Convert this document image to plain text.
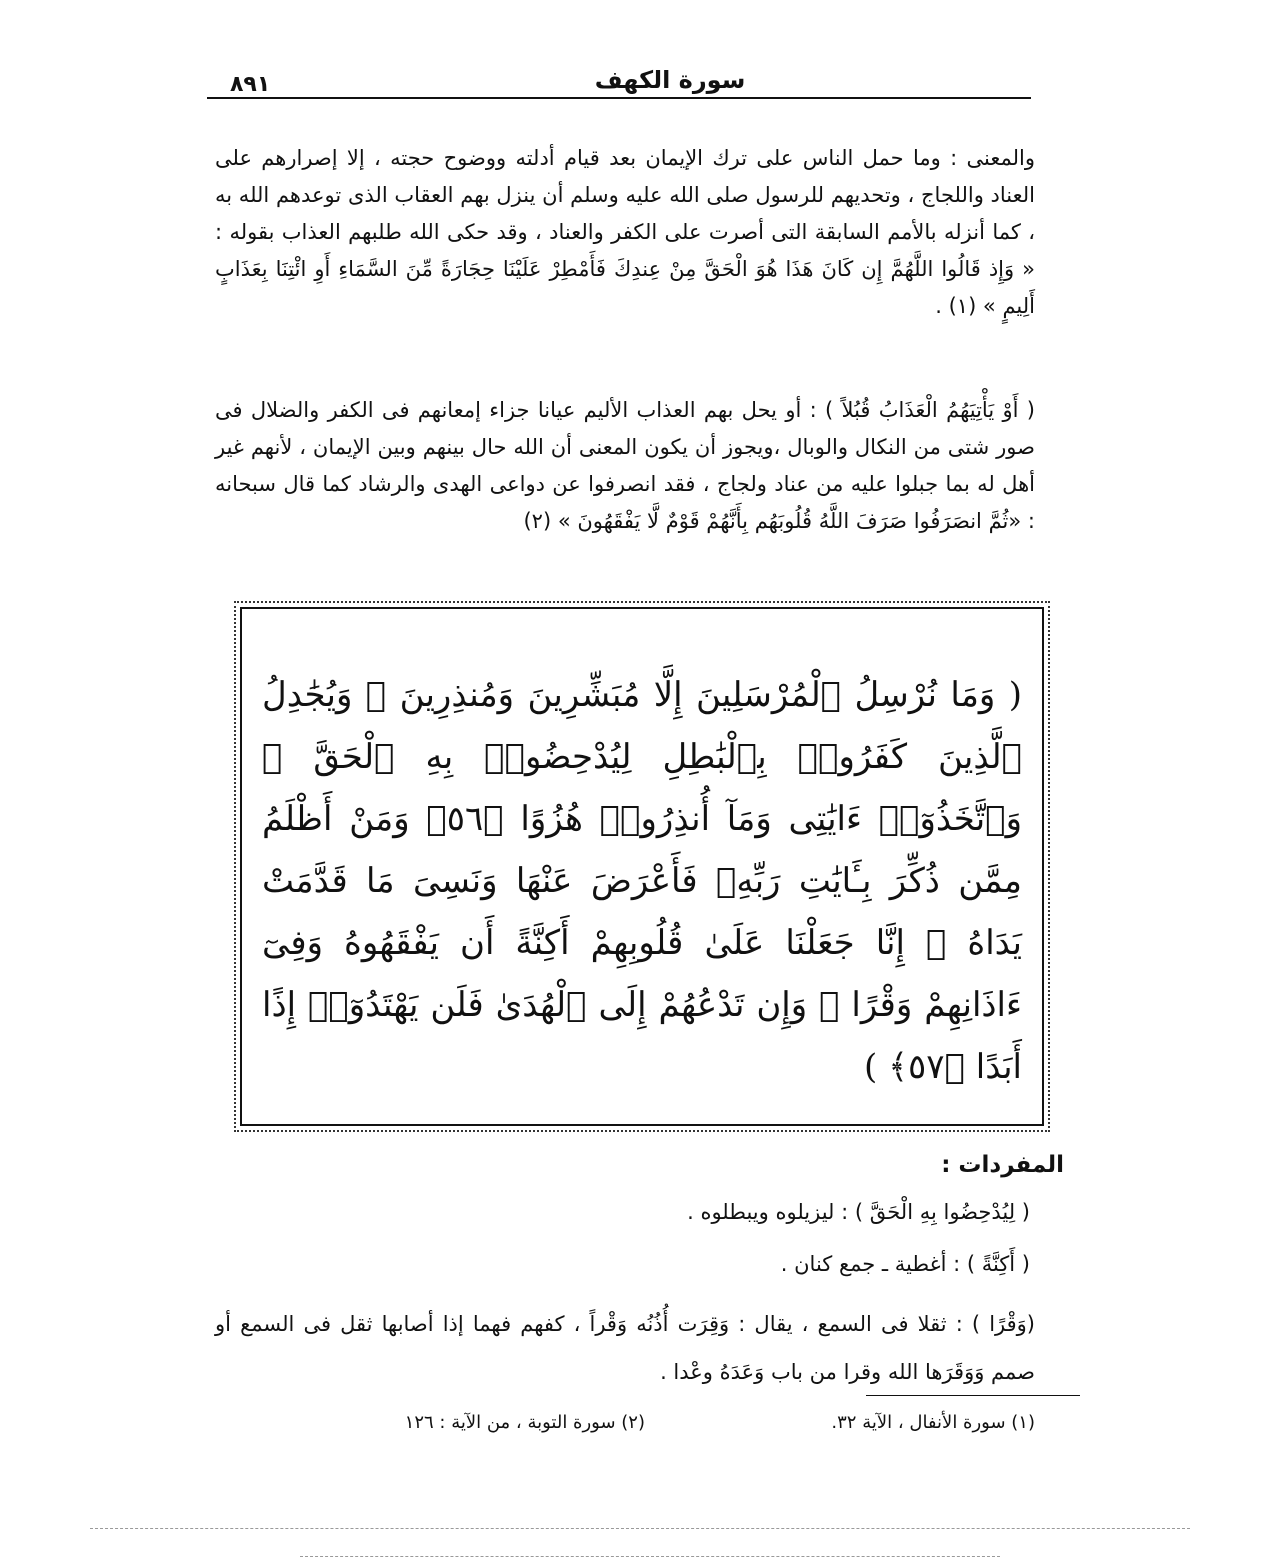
سورة الكهف
٨٩١

والمعنى : وما حمل الناس على ترك الإيمان بعد قيام أدلته ووضوح حجته ، إلا إصرارهم على العناد واللجاج ، وتحديهم للرسول صلى الله عليه وسلم أن ينزل بهم العقاب الذى توعدهم الله به ، كما أنزله بالأمم السابقة التى أصرت على الكفر والعناد ، وقد حكى الله طلبهم العذاب بقوله : « وَإِذ قَالُوا اللَّهُمَّ إِن كَانَ هَذَا هُوَ الْحَقَّ مِنْ عِندِكَ فَأَمْطِرْ عَلَيْنَا حِجَارَةً مِّنَ السَّمَاءِ أَوِ ائْتِنَا بِعَذَابٍ أَلِيمٍ » (١) .

( أَوْ يَأْتِيَهُمُ الْعَذَابُ قُبُلاً ) : أو يحل بهم العذاب الأليم عيانا جزاء إمعانهم فى الكفر والضلال فى صور شتى من النكال والوبال ،ويجوز أن يكون المعنى أن الله حال بينهم وبين الإيمان ، لأنهم غير أهل له بما جبلوا عليه من عناد ولجاج ، فقد انصرفوا عن دواعى الهدى والرشاد كما قال سبحانه : «ثُمَّ انصَرَفُوا صَرَفَ اللَّهُ قُلُوبَهُم بِأَنَّهُمْ قَوْمٌ لَّا يَفْقَهُونَ » (٢)

( وَمَا نُرْسِلُ ٱلْمُرْسَلِينَ إِلَّا مُبَشِّرِينَ وَمُنذِرِينَ ۚ وَيُجَٰدِلُ ٱلَّذِينَ كَفَرُوا۟ بِٱلْبَٰطِلِ لِيُدْحِضُوا۟ بِهِ ٱلْحَقَّ ۖ وَٱتَّخَذُوٓا۟ ءَايَٰتِى وَمَآ أُنذِرُوا۟ هُزُوًا ﴿٥٦﴾ وَمَنْ أَظْلَمُ مِمَّن ذُكِّرَ بِـَٔايَٰتِ رَبِّهِۦ فَأَعْرَضَ عَنْهَا وَنَسِىَ مَا قَدَّمَتْ يَدَاهُ ۚ إِنَّا جَعَلْنَا عَلَىٰ قُلُوبِهِمْ أَكِنَّةً أَن يَفْقَهُوهُ وَفِىٓ ءَاذَانِهِمْ وَقْرًا ۖ وَإِن تَدْعُهُمْ إِلَى ٱلْهُدَىٰ فَلَن يَهْتَدُوٓا۟ إِذًا أَبَدًا ﴿٥٧﴾ )
المفردات :
( لِيُدْحِضُوا بِهِ الْحَقَّ ) : ليزيلوه ويبطلوه .
( أَكِنَّةً ) : أغطية ـ جمع كنان .
(وَقْرًا ) : ثقلا فى السمع ، يقال : وَقِرَت أُذُنُه وَقْراً ، كفهم فهما إذا أصابها ثقل فى السمع أو صمم وَوَقَرَها الله وقرا من باب وَعَدَهُ وعْدا .
(١) سورة الأنفال ، الآية ٣٢.
(٢) سورة التوبة ، من الآية : ١٢٦
